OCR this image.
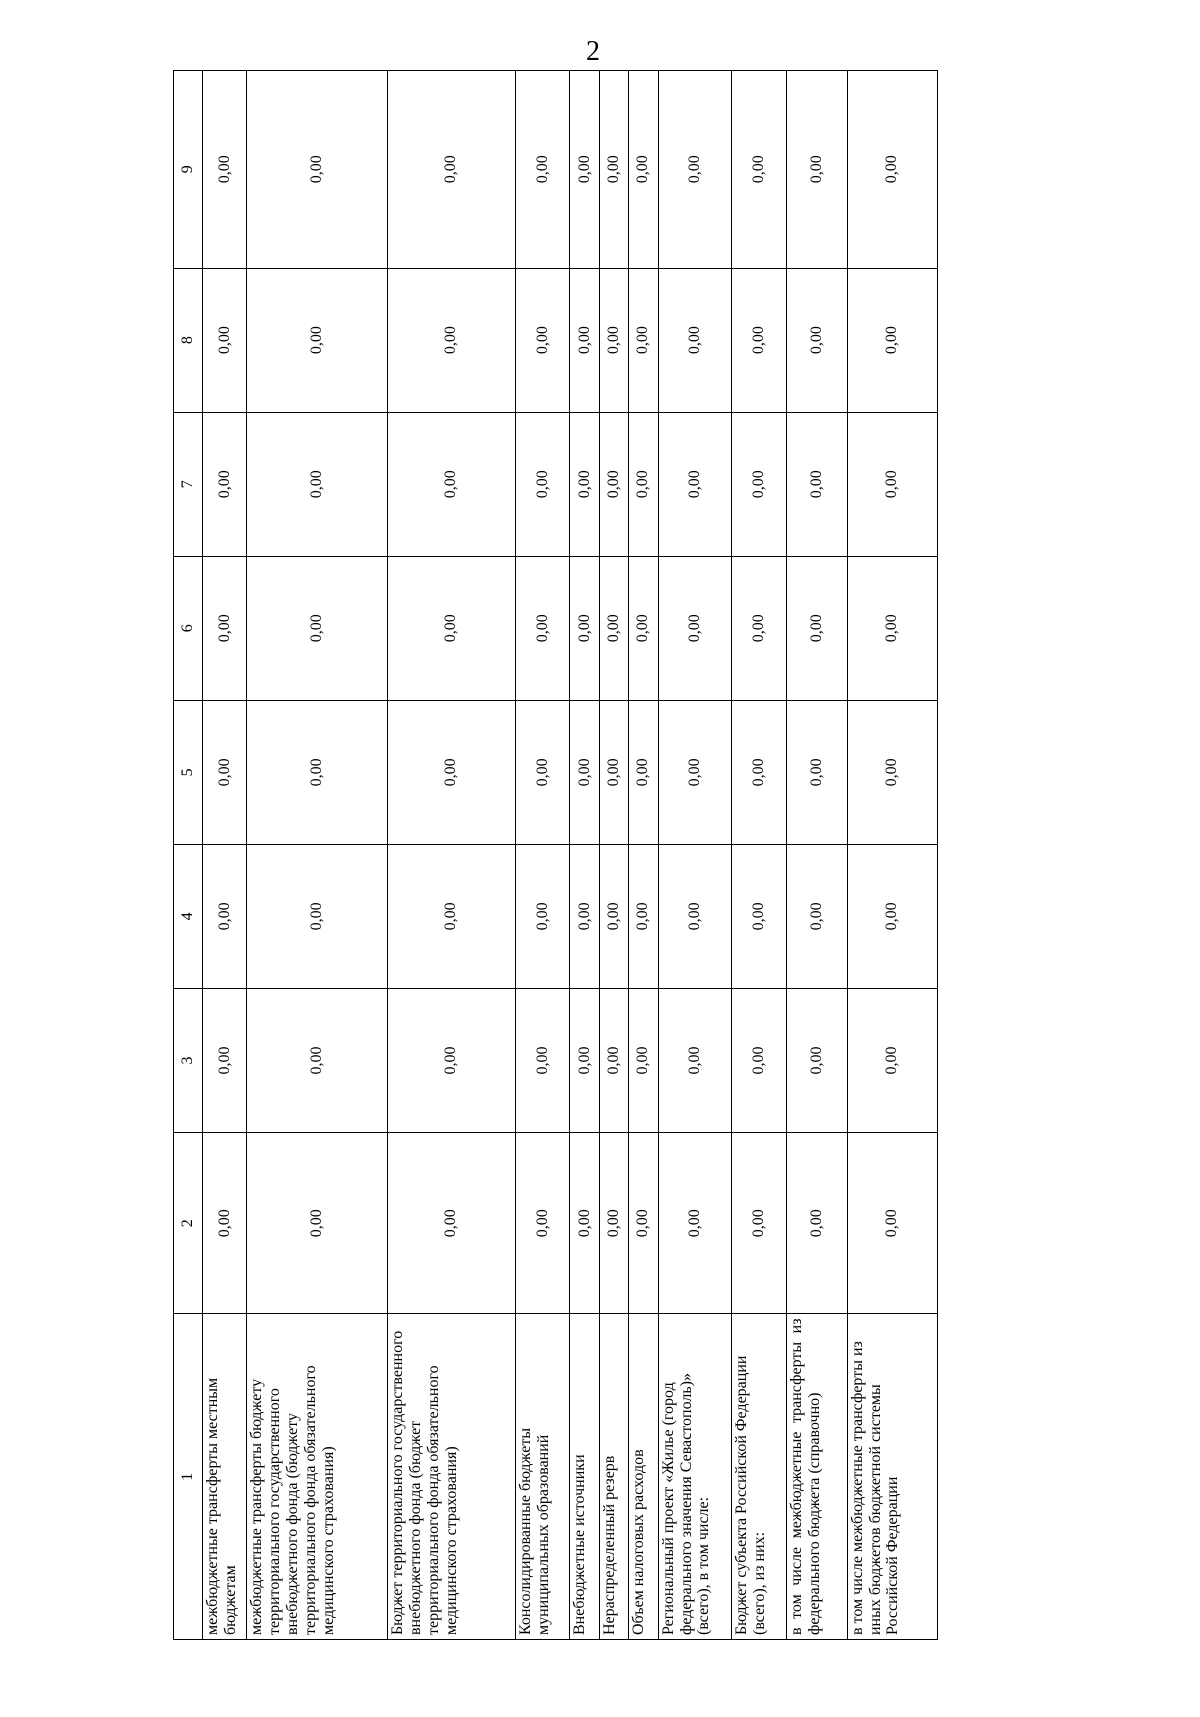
2
1	2	3	4	5	6	7	8	9
межбюджетные трансферты местным бюджетам	0,00	0,00	0,00	0,00	0,00	0,00	0,00	0,00
межбюджетные трансферты бюджету территориального государственного внебюджетного фонда (бюджету территориального фонда обязательного медицинского страхования)	0,00	0,00	0,00	0,00	0,00	0,00	0,00	0,00
Бюджет территориального государственного внебюджетного фонда (бюджет территориального фонда обязательного медицинского страхования)	0,00	0,00	0,00	0,00	0,00	0,00	0,00	0,00
Консолидированные бюджеты муниципальных образований	0,00	0,00	0,00	0,00	0,00	0,00	0,00	0,00
Внебюджетные источники	0,00	0,00	0,00	0,00	0,00	0,00	0,00	0,00
Нераспределенный резерв	0,00	0,00	0,00	0,00	0,00	0,00	0,00	0,00
Объем налоговых расходов	0,00	0,00	0,00	0,00	0,00	0,00	0,00	0,00
Региональный проект «Жилье (город федерального значения Севастополь)» (всего), в том числе:	0,00	0,00	0,00	0,00	0,00	0,00	0,00	0,00
Бюджет субъекта Российской Федерации (всего), из них:	0,00	0,00	0,00	0,00	0,00	0,00	0,00	0,00
в том числе межбюджетные трансферты из федерального бюджета (справочно)	0,00	0,00	0,00	0,00	0,00	0,00	0,00	0,00
в том числе межбюджетные трансферты из иных бюджетов бюджетной системы Российской Федерации	0,00	0,00	0,00	0,00	0,00	0,00	0,00	0,00
